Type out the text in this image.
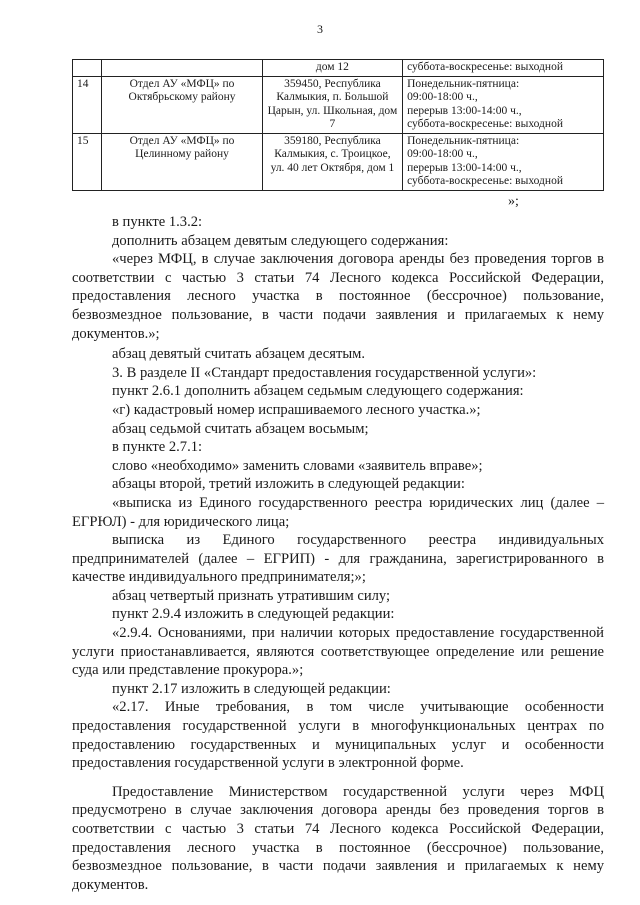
3
		дом 12	суббота-воскресенье: выходной
14	Отдел АУ «МФЦ» по Октябрьскому району	359450, Республика Калмыкия, п. Большой Царын, ул. Школьная, дом 7	Понедельник-пятница:
09:00-18:00 ч.,
перерыв 13:00-14:00 ч.,
суббота-воскресенье: выходной

15	Отдел АУ «МФЦ» по Целинному району	359180, Республика Калмыкия, с. Троицкое, ул. 40 лет Октября, дом 1	Понедельник-пятница:
09:00-18:00 ч.,
перерыв 13:00-14:00 ч.,
суббота-воскресенье: выходной
»;

в пункте 1.3.2:

дополнить абзацем девятым следующего содержания:

«через МФЦ, в случае заключения договора аренды без проведения торгов в соответствии с частью 3 статьи 74 Лесного кодекса Российской Федерации, предоставления лесного участка в постоянное (бессрочное) пользование, безвозмездное пользование, в части подачи заявления и прилагаемых к нему документов.»;

абзац девятый считать абзацем десятым.

3. В разделе II «Стандарт предоставления государственной услуги»:

пункт 2.6.1 дополнить абзацем седьмым следующего содержания:

«г) кадастровый номер испрашиваемого лесного участка.»;

абзац седьмой считать абзацем восьмым;

в пункте 2.7.1:

слово «необходимо» заменить словами «заявитель вправе»;

абзацы второй, третий изложить в следующей редакции:

«выписка из Единого государственного реестра юридических лиц (далее – ЕГРЮЛ) - для юридического лица;

выписка из Единого государственного реестра индивидуальных предпринимателей (далее – ЕГРИП) - для гражданина, зарегистрированного в качестве индивидуального предпринимателя;»;

абзац четвертый признать утратившим силу;

пункт 2.9.4 изложить в следующей редакции:

«2.9.4. Основаниями, при наличии которых предоставление государственной услуги приостанавливается, являются соответствующее определение или решение суда или представление прокурора.»;

пункт 2.17 изложить в следующей редакции:

«2.17. Иные требования, в том числе учитывающие особенности предоставления государственной услуги в многофункциональных центрах по предоставлению государственных и муниципальных услуг и особенности предоставления государственной услуги в электронной форме.

Предоставление Министерством государственной услуги через МФЦ предусмотрено в случае заключения договора аренды без проведения торгов в соответствии с частью 3 статьи 74 Лесного кодекса Российской Федерации, предоставления лесного участка в постоянное (бессрочное) пользование, безвозмездное пользование, в части подачи заявления и прилагаемых к нему документов.
